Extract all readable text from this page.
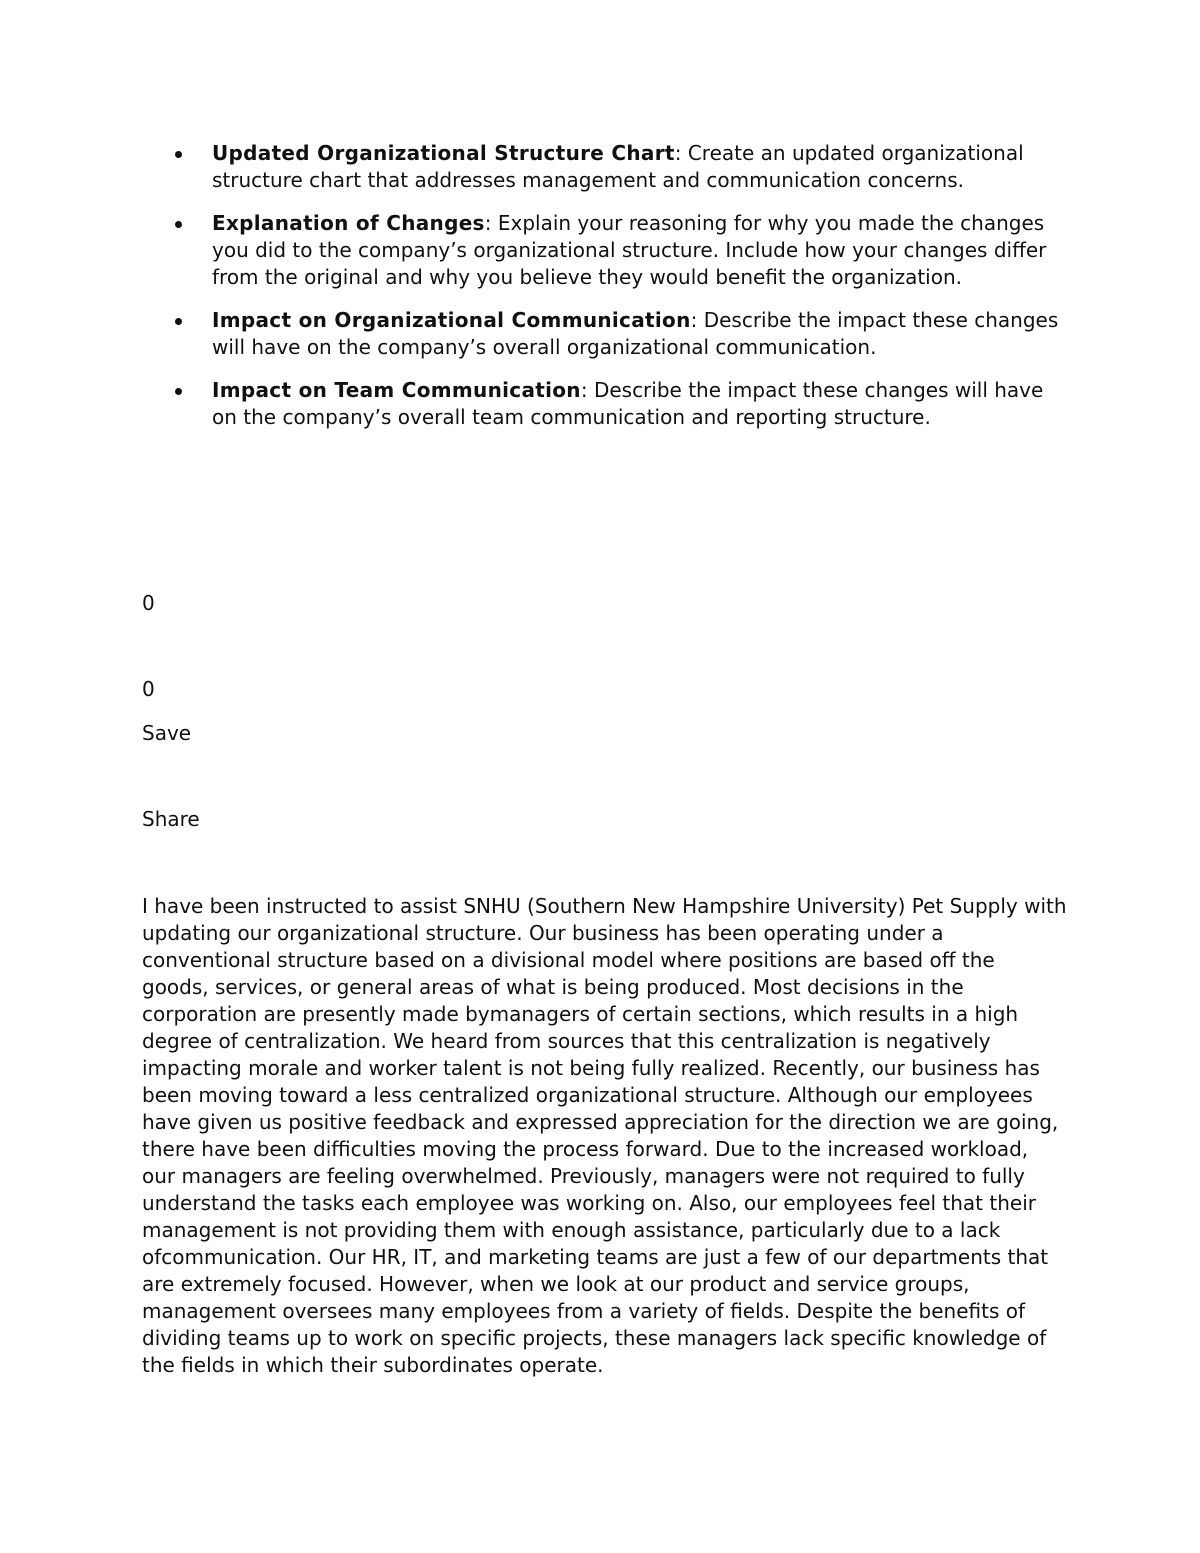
Updated Organizational Structure Chart: Create an updated organizational structure chart that addresses management and communication concerns.
Explanation of Changes: Explain your reasoning for why you made the changes you did to the company’s organizational structure. Include how your changes differ from the original and why you believe they would benefit the organization.
Impact on Organizational Communication: Describe the impact these changes will have on the company’s overall organizational communication.
Impact on Team Communication: Describe the impact these changes will have on the company’s overall team communication and reporting structure.

0

0

Save

Share

I have been instructed to assist SNHU (Southern New Hampshire University) Pet Supply with updating our organizational structure. Our business has been operating under a conventional structure based on a divisional model where positions are based off the goods, services, or general areas of what is being produced. Most decisions in the corporation are presently made bymanagers of certain sections, which results in a high degree of centralization. We heard from sources that this centralization is negatively impacting morale and worker talent is not being fully realized. Recently, our business has been moving toward a less centralized organizational structure. Although our employees have given us positive feedback and expressed appreciation for the direction we are going, there have been difficulties moving the process forward. Due to the increased workload, our managers are feeling overwhelmed. Previously, managers were not required to fully understand the tasks each employee was working on. Also, our employees feel that their management is not providing them with enough assistance, particularly due to a lack ofcommunication. Our HR, IT, and marketing teams are just a few of our departments that are extremely focused. However, when we look at our product and service groups, management oversees many employees from a variety of fields. Despite the benefits of dividing teams up to work on specific projects, these managers lack specific knowledge of the fields in which their subordinates operate.
